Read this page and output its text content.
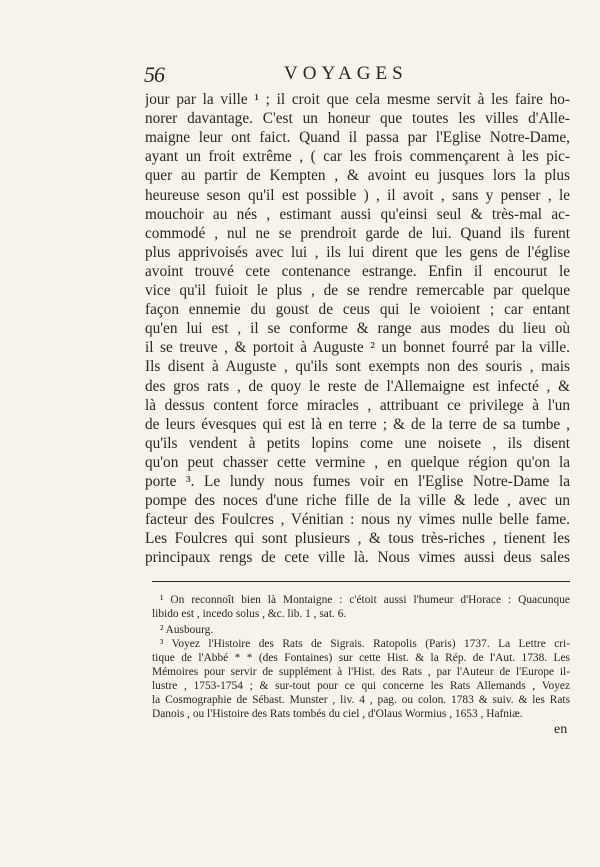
56	VOYAGES
jour par la ville ¹ ; il croit que cela mesme servit à les faire ho-
norer davantage. C'est un honeur que toutes les villes d'Alle-
maigne leur ont faict. Quand il passa par l'Eglise Notre-Dame,
ayant un froit extrême , ( car les frois commençarent à les pic-
quer au partir de Kempten , & avoint eu jusques lors la plus
heureuse seson qu'il est possible ) , il avoit , sans y penser , le
mouchoir au nés , estimant aussi qu'einsi seul & très-mal ac-
commodé , nul ne se prendroit garde de lui. Quand ils furent
plus apprivoisés avec lui , ils lui dirent que les gens de l'église
avoint trouvé cete contenance estrange. Enfin il encourut le
vice qu'il fuioit le plus , de se rendre remercable par quelque
façon ennemie du goust de ceus qui le voioient ; car entant
qu'en lui est , il se conforme & range aus modes du lieu où
il se treuve , & portoit à Auguste ² un bonnet fourré par la ville.
Ils disent à Auguste , qu'ils sont exempts non des souris , mais
des gros rats , de quoy le reste de l'Allemaigne est infecté , &
là dessus content force miracles , attribuant ce privilege à l'un
de leurs évesques qui est là en terre ; & de la terre de sa tumbe ,
qu'ils vendent à petits lopins come une noisete , ils disent
qu'on peut chasser cette vermine , en quelque région qu'on la
porte ³. Le lundy nous fumes voir en l'Eglise Notre-Dame la
pompe des noces d'une riche fille de la ville & lede , avec un
facteur des Foulcres , Vénitian : nous ny vimes nulle belle fame.
Les Foulcres qui sont plusieurs , & tous très-riches , tienent les
principaux rengs de cete ville là. Nous vimes aussi deus sales
¹ On reconnoît bien là Montaigne : c'étoit aussi l'humeur d'Horace : Quacunque
libido est , incedo solus , &c. lib. 1 , sat. 6.
² Ausbourg.
³ Voyez l'Histoire des Rats de Sigrais. Ratopolis (Paris) 1737. La Lettre cri-
tique de l'Abbé * * (des Fontaines) sur cette Hist. & la Rép. de l'Aut. 1738. Les
Mémoires pour servir de supplément à l'Hist. des Rats , par l'Auteur de l'Europe il-
lustre , 1753-1754 ; & sur-tout pour ce qui concerne les Rats Allemands , Voyez
la Cosmographie de Sébast. Munster , liv. 4 , pag. ou colon. 1783 & suiv. & les Rats
Danois , ou l'Histoire des Rats tombés du ciel , d'Olaus Wormius , 1653 , Hafniæ.
en
